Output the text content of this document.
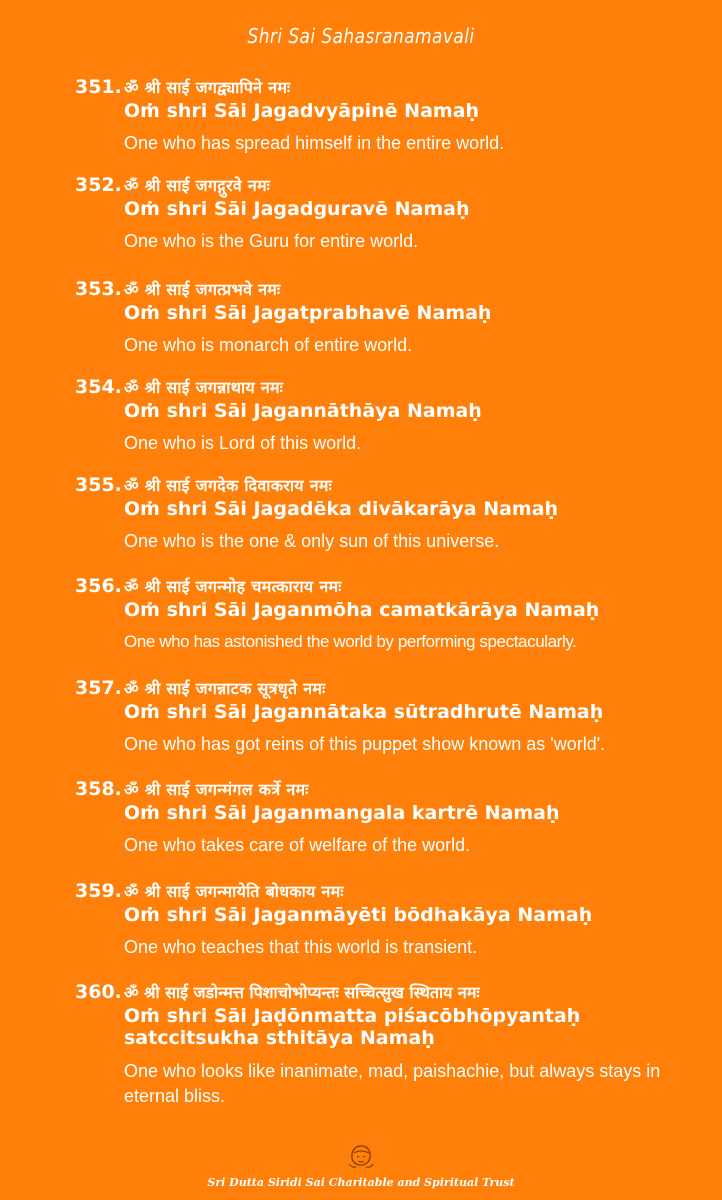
Shri Sai Sahasranamavali
351. ॐ श्री साई जगद्व्यापिने नमः
Oṁ shri Sāi Jagadvyāpinē Namaḥ
One who has spread himself in the entire world.
352. ॐ श्री साई जगद्गुरवे नमः
Oṁ shri Sāi Jagadguravē Namaḥ
One who is the Guru for entire world.
353. ॐ श्री साई जगत्प्रभवे नमः
Oṁ shri Sāi Jagatprabhavē Namaḥ
One who is monarch of entire world.
354. ॐ श्री साई जगन्नाथाय नमः
Oṁ shri Sāi Jagannāthāya Namaḥ
One who is Lord of this world.
355. ॐ श्री साई जगदेक दिवाकराय नमः
Oṁ shri Sāi Jagadēka divākarāya Namaḥ
One who is the one & only sun of this universe.
356. ॐ श्री साई जगन्मोह चमत्काराय नमः
Oṁ shri Sāi Jaganmōha camatkārāya Namaḥ
One who has astonished the world by performing spectacularly.
357. ॐ श्री साई जगन्नाटक सूत्रधृते नमः
Oṁ shri Sāi Jagannātaka sūtradhrutē Namaḥ
One who has got reins of this puppet show known as 'world'.
358. ॐ श्री साई जगन्मंगल कर्त्रे नमः
Oṁ shri Sāi Jaganmangala kartrē Namaḥ
One who takes care of welfare of the world.
359. ॐ श्री साई जगन्मायेति बोधकाय नमः
Oṁ shri Sāi Jaganmāyēti bōdhakāya Namaḥ
One who teaches that this world is transient.
360. ॐ श्री साई जडोन्मत्त पिशाचोभोप्यन्तः सच्चित्सुख स्थिताय नमः
Oṁ shri Sāi Jaḍōnmatta piśacōbhōpyantaḥ satccitsukha sthitāya Namaḥ
One who looks like inanimate, mad, paishachie, but always stays in eternal bliss.
Sri Dutta Siridi Sai Charitable and Spiritual Trust
